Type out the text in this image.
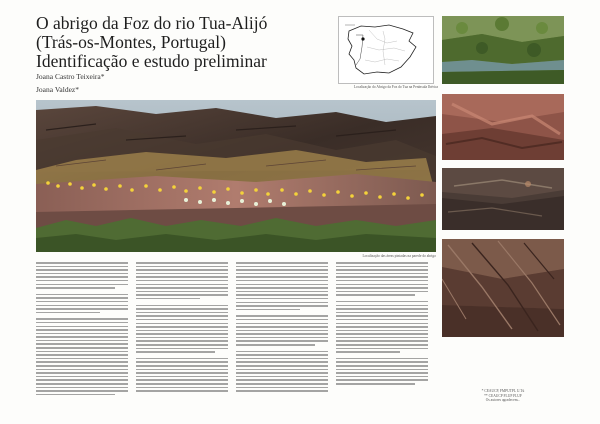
O abrigo da Foz do rio Tua-Alijó
(Trás-os-Montes, Portugal)
Identificação e estudo preliminar
Joana Castro Teixeira*
Joana Valdez*	Localização do Abrigo da Foz do Tua na Península Ibérica
Localização das áreas pintadas na parede do abrigo
* CEAUCP, FMPUTPL U.Tú
** CEAUCP FLUP FLUF
Os autores agradecem...
